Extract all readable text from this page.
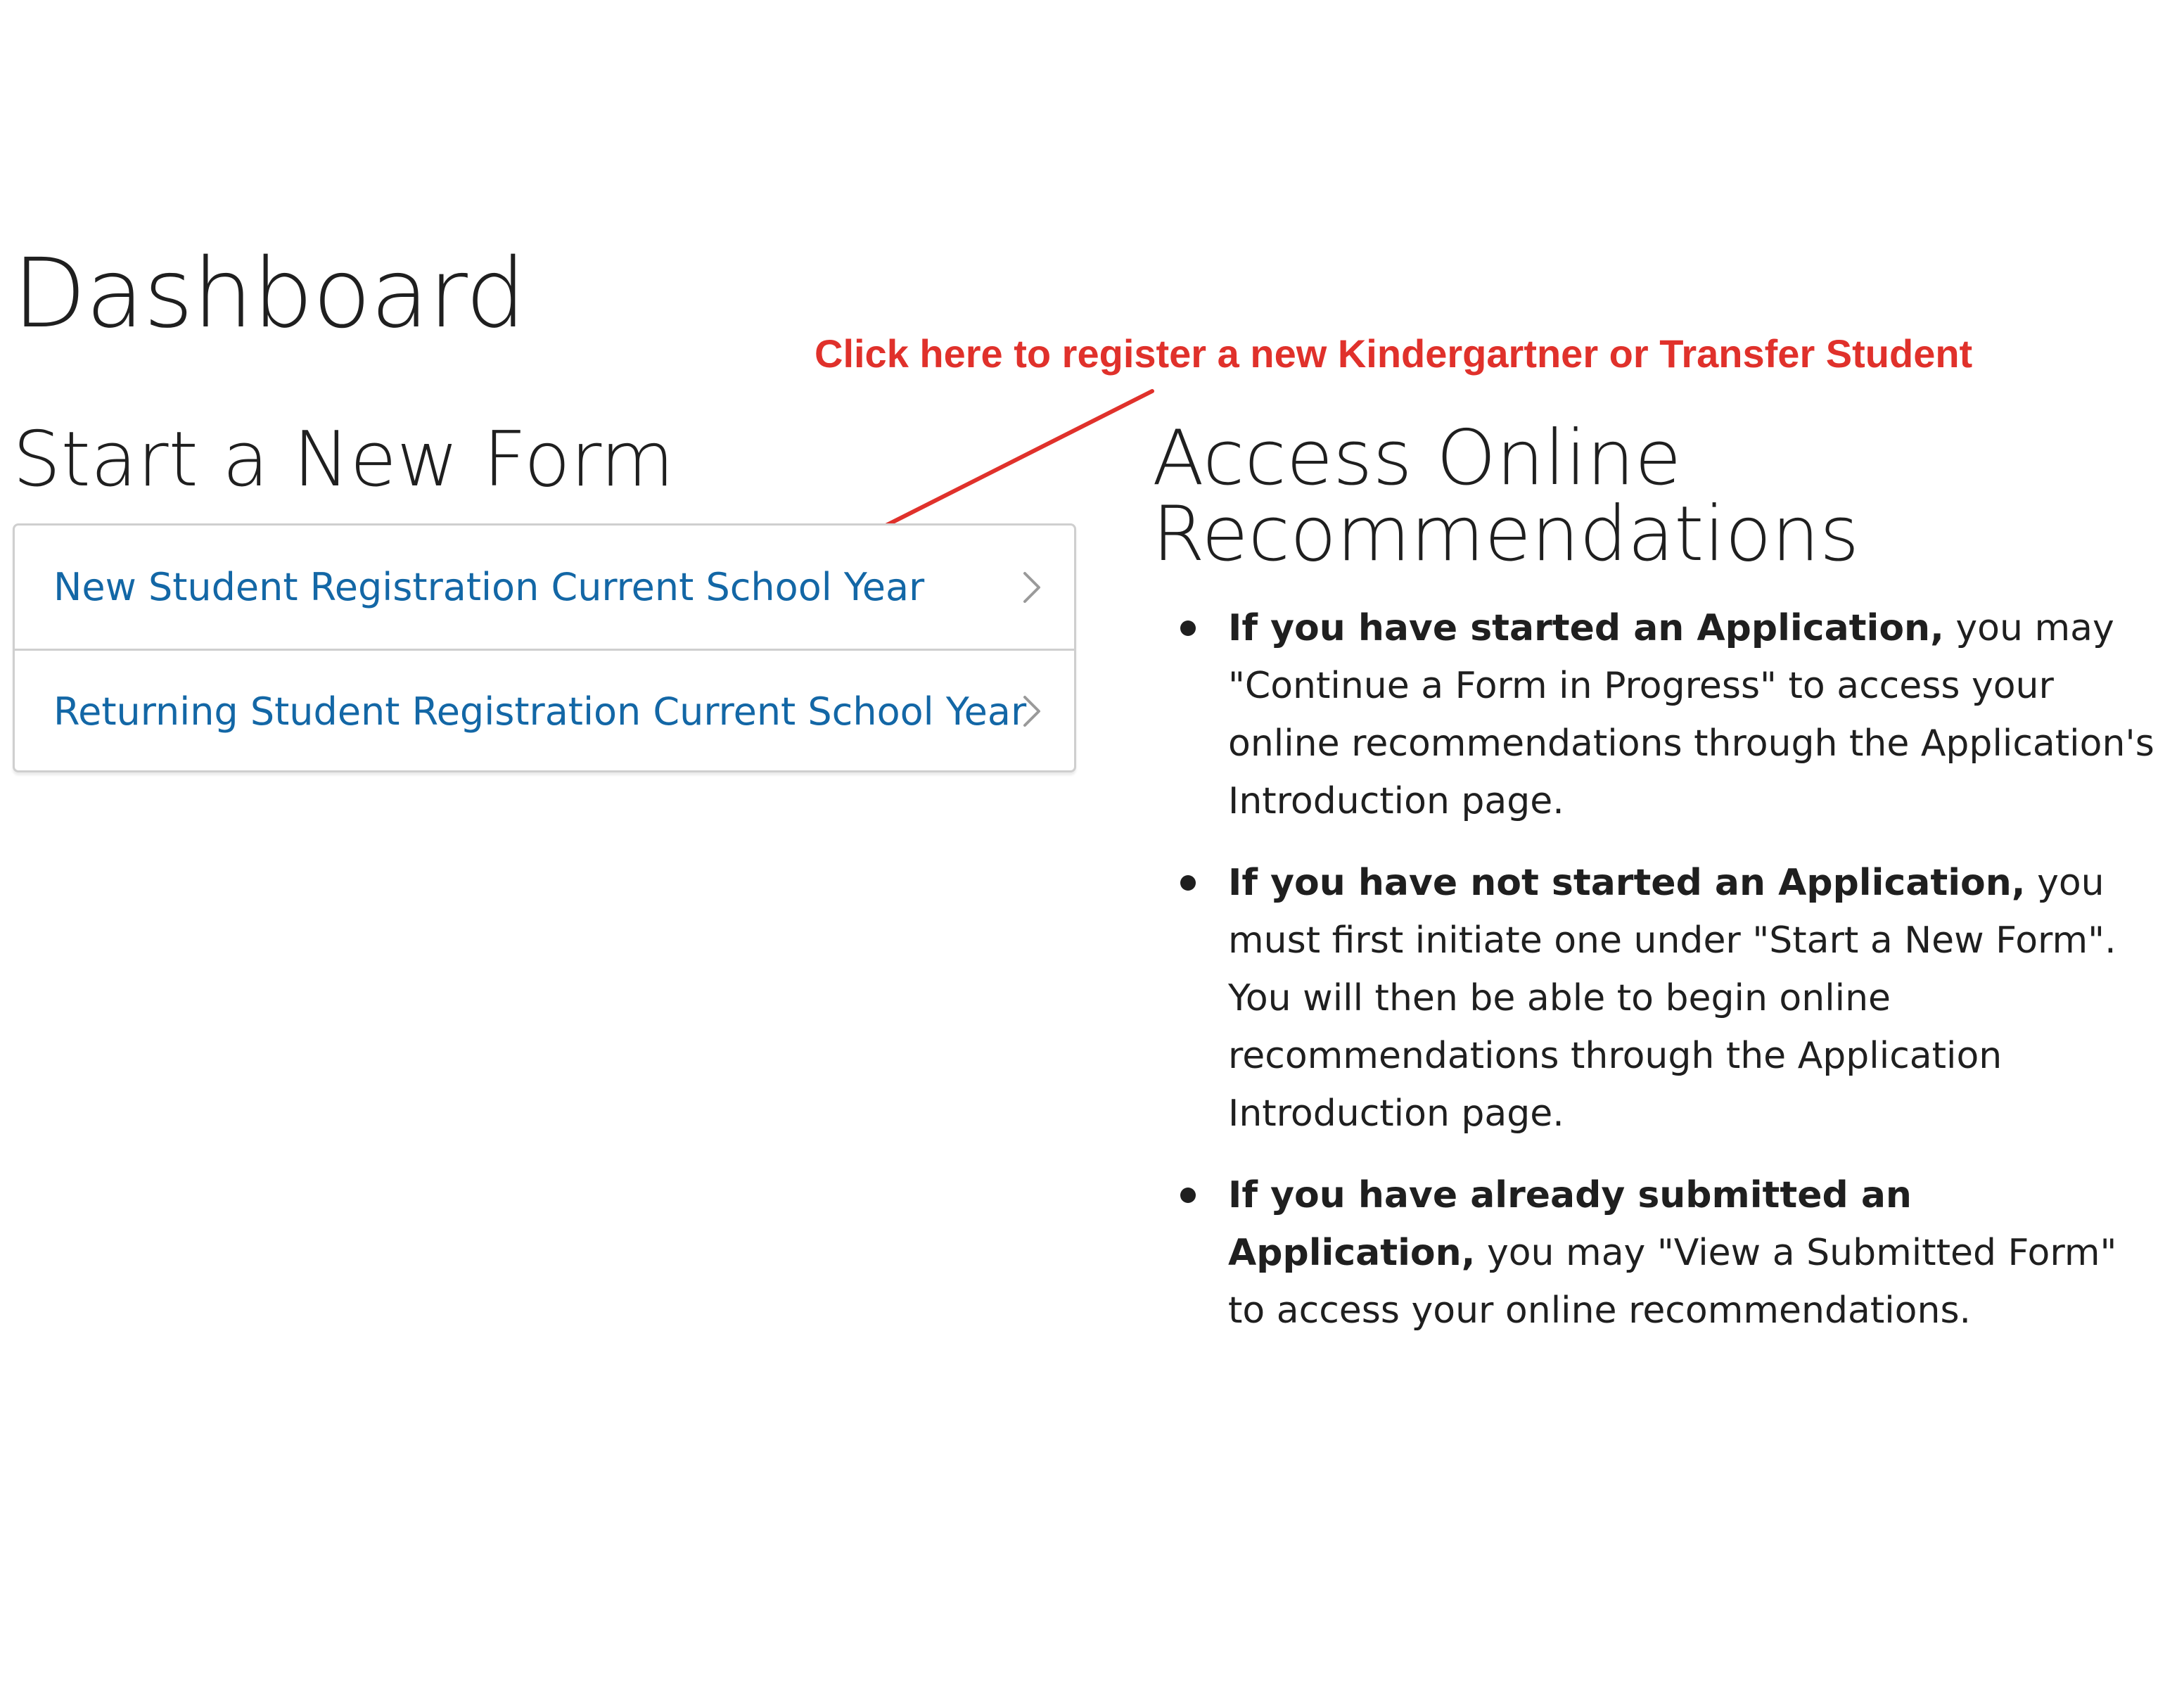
Dashboard
Click here to register a new Kindergartner or Transfer Student
Start a New Form
New Student Registration Current School Year
Returning Student Registration Current School Year
Access Online Recommendations
If you have started an Application, you may "Continue a Form in Progress" to access your online recommendations through the Application's Introduction page.
If you have not started an Application, you must first initiate one under "Start a New Form". You will then be able to begin online recommendations through the Application Introduction page.
If you have already submitted an Application, you may "View a Submitted Form" to access your online recommendations.
